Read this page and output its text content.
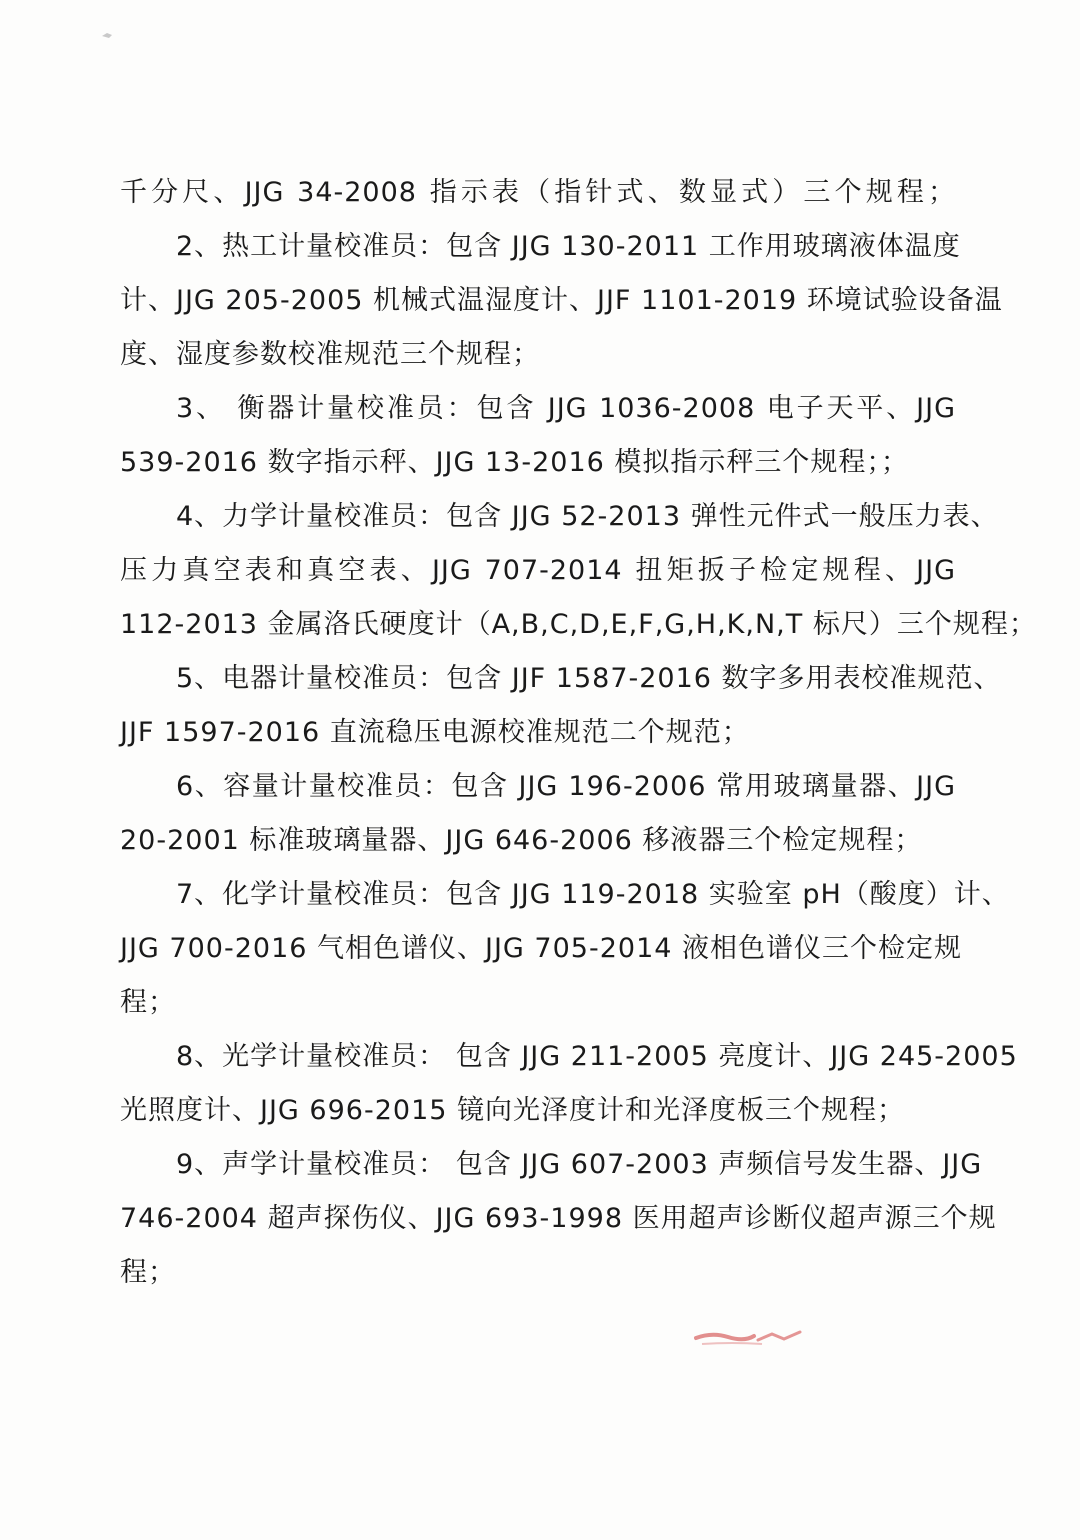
千分尺、JJG 34-2008 指示表（指针式、数显式）三个规程；
2、热工计量校准员：包含 JJG 130-2011 工作用玻璃液体温度
计、JJG 205-2005 机械式温湿度计、JJF 1101-2019 环境试验设备温
度、湿度参数校准规范三个规程；
3、 衡器计量校准员：包含 JJG 1036-2008 电子天平、JJG
539-2016 数字指示秤、JJG 13-2016 模拟指示秤三个规程；；
4、力学计量校准员：包含 JJG 52-2013 弹性元件式一般压力表、
压力真空表和真空表、JJG 707-2014 扭矩扳子检定规程、JJG
112-2013 金属洛氏硬度计（A,B,C,D,E,F,G,H,K,N,T 标尺）三个规程；
5、电器计量校准员：包含 JJF 1587-2016 数字多用表校准规范、
JJF 1597-2016 直流稳压电源校准规范二个规范；
6、容量计量校准员：包含 JJG 196-2006 常用玻璃量器、JJG
20-2001 标准玻璃量器、JJG 646-2006 移液器三个检定规程；
7、化学计量校准员：包含 JJG 119-2018 实验室 pH（酸度）计、
JJG 700-2016 气相色谱仪、JJG 705-2014 液相色谱仪三个检定规
程；
8、光学计量校准员： 包含 JJG 211-2005 亮度计、JJG 245-2005
光照度计、JJG 696-2015 镜向光泽度计和光泽度板三个规程；
9、声学计量校准员： 包含 JJG 607-2003 声频信号发生器、JJG
746-2004 超声探伤仪、JJG 693-1998 医用超声诊断仪超声源三个规
程；
